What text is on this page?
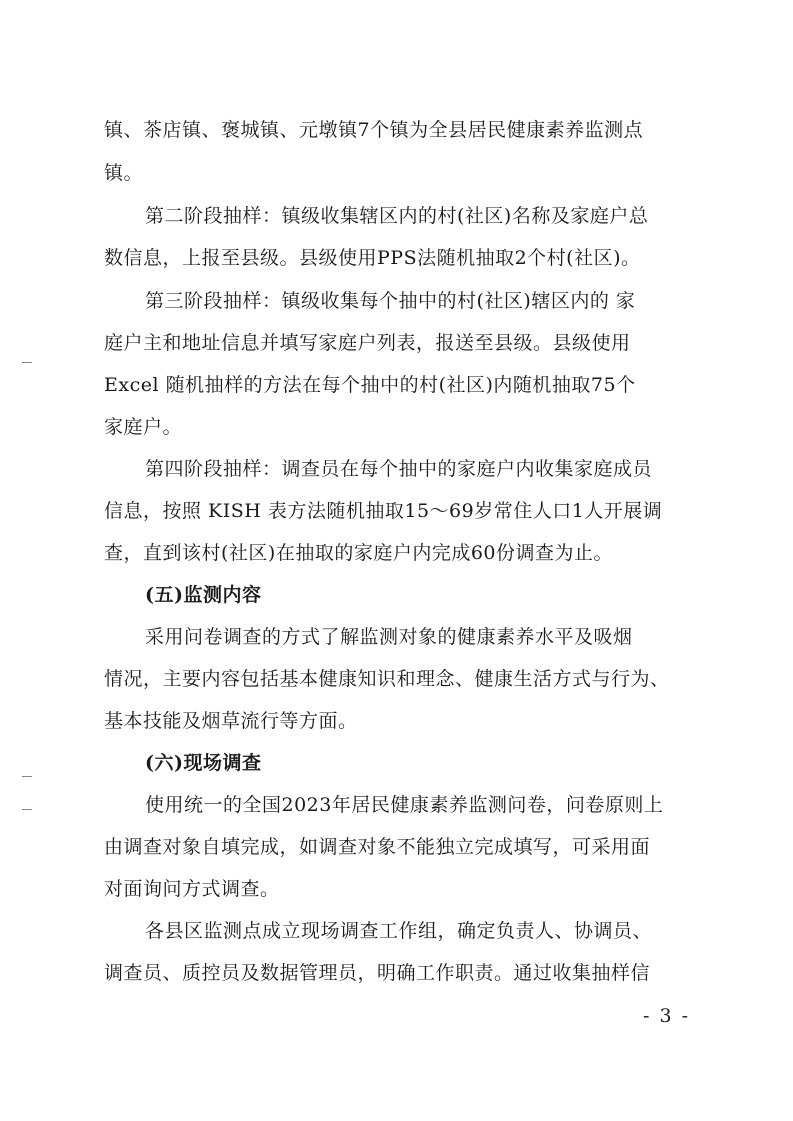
镇、茶店镇、褒城镇、元墩镇7个镇为全县居民健康素养监测点
镇。
第二阶段抽样：镇级收集辖区内的村(社区)名称及家庭户总
数信息，上报至县级。县级使用PPS法随机抽取2个村(社区)。
第三阶段抽样：镇级收集每个抽中的村(社区)辖区内的 家
庭户主和地址信息并填写家庭户列表，报送至县级。县级使用
Excel 随机抽样的方法在每个抽中的村(社区)内随机抽取75个
家庭户。
第四阶段抽样：调查员在每个抽中的家庭户内收集家庭成员
信息，按照 KISH 表方法随机抽取15～69岁常住人口1人开展调
查，直到该村(社区)在抽取的家庭户内完成60份调查为止。
(五)监测内容
采用问卷调查的方式了解监测对象的健康素养水平及吸烟
情况，主要内容包括基本健康知识和理念、健康生活方式与行为、
基本技能及烟草流行等方面。
(六)现场调查
使用统一的全国2023年居民健康素养监测问卷，问卷原则上
由调查对象自填完成，如调查对象不能独立完成填写，可采用面
对面询问方式调查。
各县区监测点成立现场调查工作组，确定负责人、协调员、
调查员、质控员及数据管理员，明确工作职责。通过收集抽样信
- 3 -
